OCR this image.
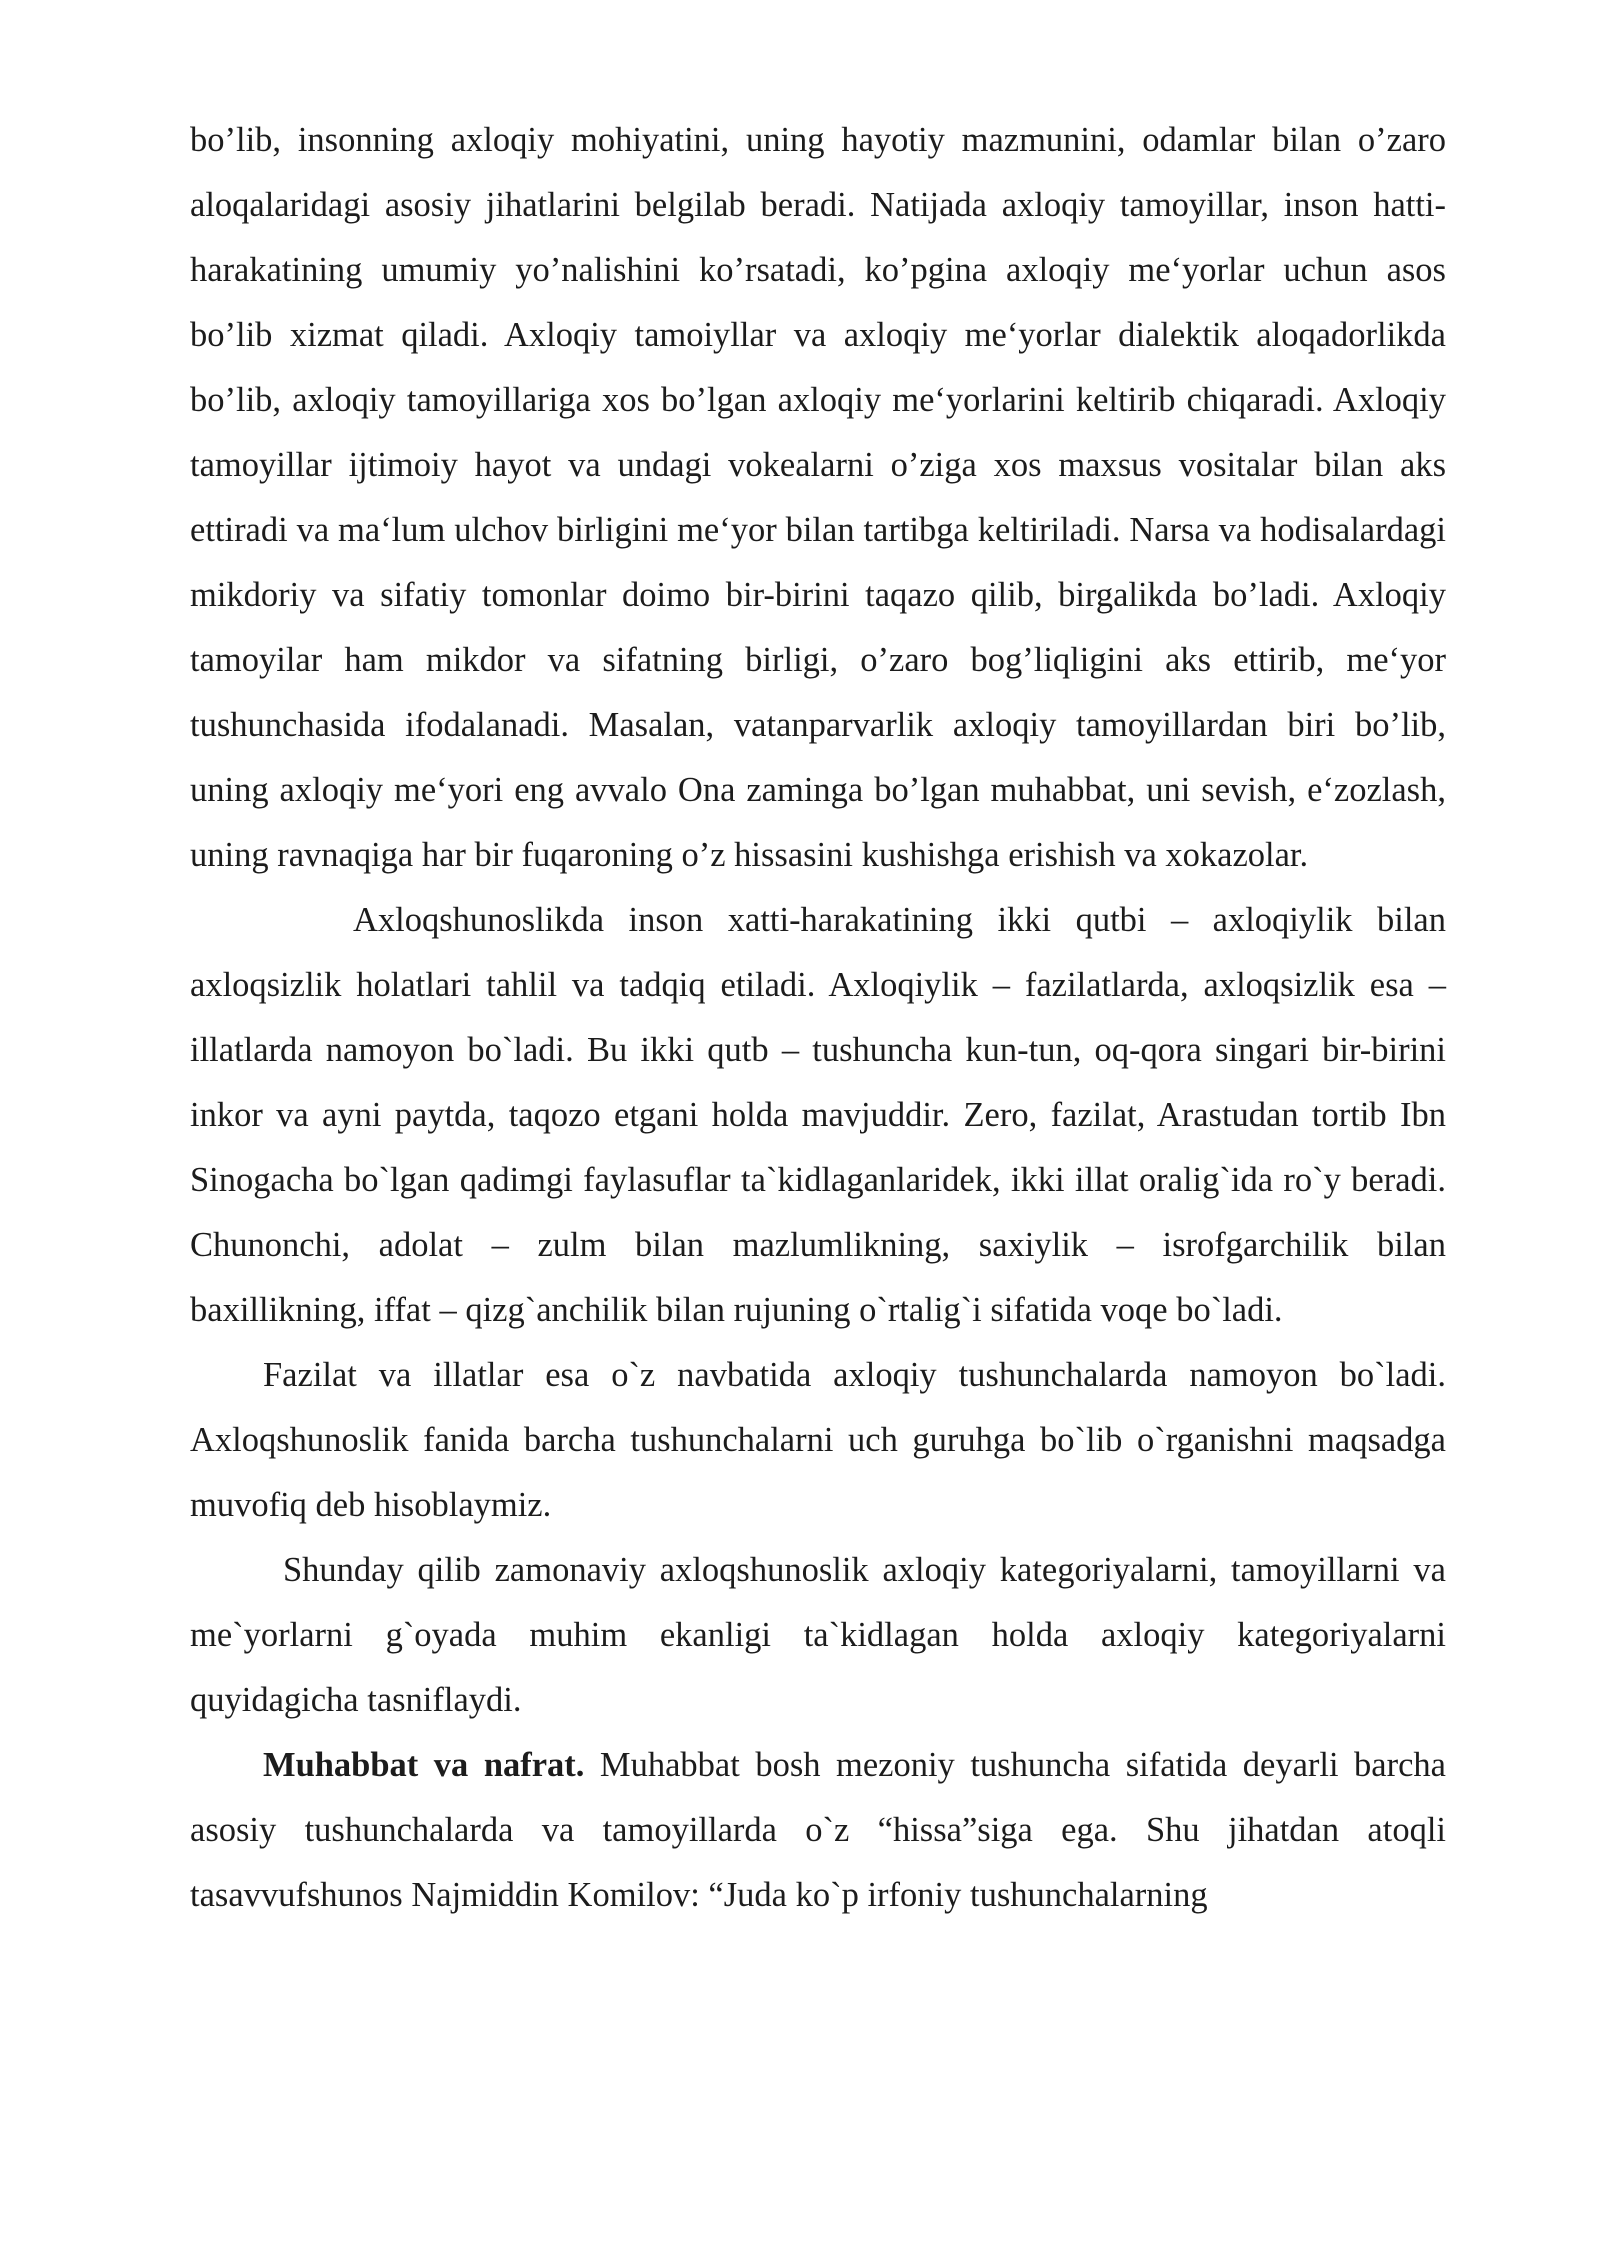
bo’lib, insonning axloqiy mohiyatini, uning hayotiy mazmunini, odamlar bilan o’zaro aloqalaridagi asosiy jihatlarini belgilab beradi. Natijada axloqiy tamoyillar, inson hatti-harakatining umumiy yo’nalishini ko’rsatadi, ko’pgina axloqiy me‘yorlar uchun asos bo’lib xizmat qiladi. Axloqiy tamoiyllar va axloqiy me‘yorlar dialektik aloqadorlikda bo’lib, axloqiy tamoyillariga xos bo’lgan axloqiy me‘yorlarini keltirib chiqaradi. Axloqiy tamoyillar ijtimoiy hayot va undagi vokealarni o’ziga xos maxsus vositalar bilan aks ettiradi va ma‘lum ulchov birligini me‘yor bilan tartibga keltiriladi. Narsa va hodisalardagi mikdoriy va sifatiy tomonlar doimo bir-birini taqazo qilib, birgalikda bo’ladi. Axloqiy tamoyilar ham mikdor va sifatning birligi, o’zaro bog’liqligini aks ettirib, me‘yor tushunchasida ifodalanadi. Masalan, vatanparvarlik axloqiy tamoyillardan biri bo’lib, uning axloqiy me‘yori eng avvalo Ona zaminga bo’lgan muhabbat, uni sevish, e‘zozlash, uning ravnaqiga har bir fuqaroning o’z hissasini kushishga erishish va xokazolar.

Axloqshunoslikda inson xatti-harakatining ikki qutbi – axloqiylik bilan axloqsizlik holatlari tahlil va tadqiq etiladi. Axloqiylik – fazilatlarda, axloqsizlik esa – illatlarda namoyon bo`ladi. Bu ikki qutb – tushuncha kun-tun, oq-qora singari bir-birini inkor va ayni paytda, taqozo etgani holda mavjuddir. Zero, fazilat, Arastudan tortib Ibn Sinogacha bo`lgan qadimgi faylasuflar ta`kidlaganlaridek, ikki illat oralig`ida ro`y beradi. Chunonchi, adolat – zulm bilan mazlumlikning, saxiylik – isrofgarchilik bilan baxillikning, iffat – qizg`anchilik bilan rujuning o`rtalig`i sifatida voqe bo`ladi.

Fazilat va illatlar esa o`z navbatida axloqiy tushunchalarda namoyon bo`ladi. Axloqshunoslik fanida barcha tushunchalarni uch guruhga bo`lib o`rganishni maqsadga muvofiq deb hisoblaymiz.

Shunday qilib zamonaviy axloqshunoslik axloqiy kategoriyalarni, tamoyillarni va me`yorlarni g`oyada muhim ekanligi ta`kidlagan holda axloqiy kategoriyalarni quyidagicha tasniflaydi.

Muhabbat va nafrat. Muhabbat bosh mezoniy tushuncha sifatida deyarli barcha asosiy tushunchalarda va tamoyillarda o`z “hissa”siga ega. Shu jihatdan atoqli tasavvufshunos Najmiddin Komilov: “Juda ko`p irfoniy tushunchalarning
